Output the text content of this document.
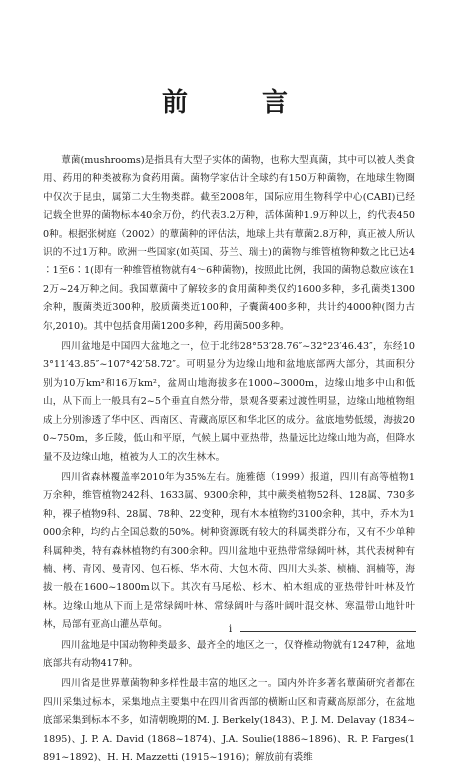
前　言

蕈菌(mushrooms)是指具有大型子实体的菌物，也称大型真菌，其中可以被人类食用、药用的种类被称为食药用菌。菌物学家估计全球约有150万种菌物，在地球生物圈中仅次于昆虫，属第二大生物类群。截至2008年，国际应用生物科学中心(CABI)已经记载全世界的菌物标本40余万份，约代表3.2万种，活体菌种1.9万种以上，约代表4500种。根据张树庭（2002）的蕈菌种的评估法，地球上共有蕈菌2.8万种，真正被人所认识的不过1万种。欧洲一些国家(如英国、芬兰、瑞士)的菌物与维管植物种数之比已达4∶1至6∶1(即有一种维管植物就有4～6种菌物)，按照此比例，我国的菌物总数应该在12万~24万种之间。我国蕈菌中了解较多的食用菌种类仅约1600多种，多孔菌类1300余种，腹菌类近300种，胶质菌类近100种，子囊菌400多种，共计约4000种(图力古尔,2010)。其中包括食用菌1200多种，药用菌500多种。

四川盆地是中国四大盆地之一，位于北纬28°53′28.76″~32°23′46.43″，东经103°11′43.85″~107°42′58.72″。可明显分为边缘山地和盆地底部两大部分，其面积分别为10万km²和16万km²，盆周山地海拔多在1000~3000m，边缘山地多中山和低山，从下而上一般具有2~5个垂直自然分带，景观各要素过渡性明显，边缘山地植物组成上分别渗透了华中区、西南区、青藏高原区和华北区的成分。盆底地势低缓，海拔200~750m，多丘陵，低山和平原，气候上属中亚热带，热量远比边缘山地为高，但降水量不及边缘山地，植被为人工的次生林木。

四川省森林覆盖率2010年为35%左右。施雅德（1999）报道，四川有高等植物1万余种，维管植物242科、1633属、9300余种，其中蕨类植物52科、128属、730多种，裸子植物9科、28属、78种、22变种，现有木本植物约3100余种，其中，乔木为1000余种，均约占全国总数的50%。树种资源既有较大的科属类群分布，又有不少单种科属种类，特有森林植物约有300余种。四川盆地中亚热带常绿阔叶林，其代表树种有楠、栲、青冈、曼青冈、包石栎、华木荷、大包木荷、四川大头茶、桢楠、润楠等，海拔一般在1600~1800m以下。其次有马尾松、杉木、柏木组成的亚热带针叶林及竹林。边缘山地从下而上是常绿阔叶林、常绿阔叶与落叶阔叶混交林、寒温带山地针叶林，局部有亚高山灌丛草甸。

四川盆地是中国动物种类最多、最齐全的地区之一，仅脊椎动物就有1247种，盆地底部共有动物417种。

四川省是世界蕈菌物种多样性最丰富的地区之一。国内外许多著名蕈菌研究者都在四川采集过标本，采集地点主要集中在四川省西部的横断山区和青藏高原部分，在盆地底部采集到标本不多，如清朝晚期的M. J. Berkely(1843)、P. J. M. Delavay (1834~1895)、J. P. A. David (1868~1874)、J.A. Soulie(1886~1896)、R. P. Farges(1891~1892)、H. H. Mazzetti (1915~1916)；解放前有裘维

i
